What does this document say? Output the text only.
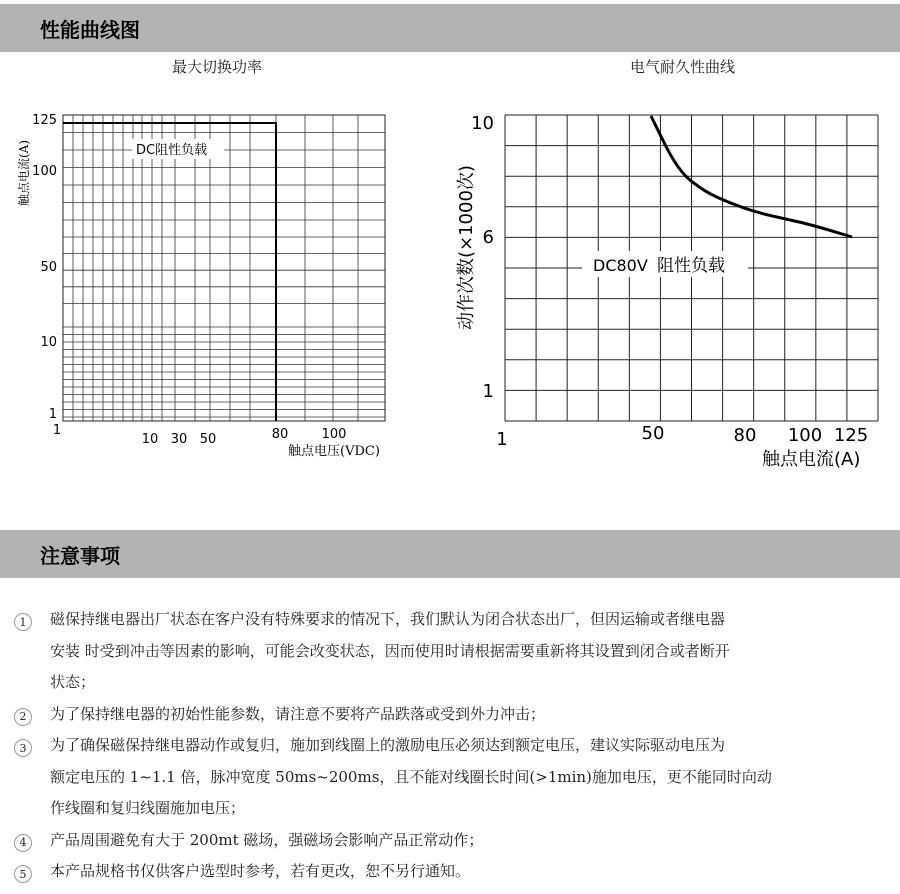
性能曲线图
最大切换功率	电气耐久性曲线
125
100
50
10
1
1
10 30 50	80	100
DC阻性负载
触点电流(A)
触点电压(VDC)
10
6
1
1	50	80 100 125
DC80V 阻性负载
动作次数(×1000次)
触点电流(A)
注意事项
1	磁保持继电器出厂状态在客户没有特殊要求的情况下，我们默认为闭合状态出厂，但因运输或者继电器
安装 时受到冲击等因素的影响，可能会改变状态，因而使用时请根据需要重新将其设置到闭合或者断开
状态；
2	为了保持继电器的初始性能参数，请注意不要将产品跌落或受到外力冲击；
3	为了确保磁保持继电器动作或复归，施加到线圈上的激励电压必须达到额定电压，建议实际驱动电压为
额定电压的 1~1.1 倍，脉冲宽度 50ms~200ms，且不能对线圈长时间(>1min)施加电压，更不能同时向动
作线圈和复归线圈施加电压；
4	产品周围避免有大于 200mt 磁场，强磁场会影响产品正常动作；
5	本产品规格书仅供客户选型时参考，若有更改，恕不另行通知。
